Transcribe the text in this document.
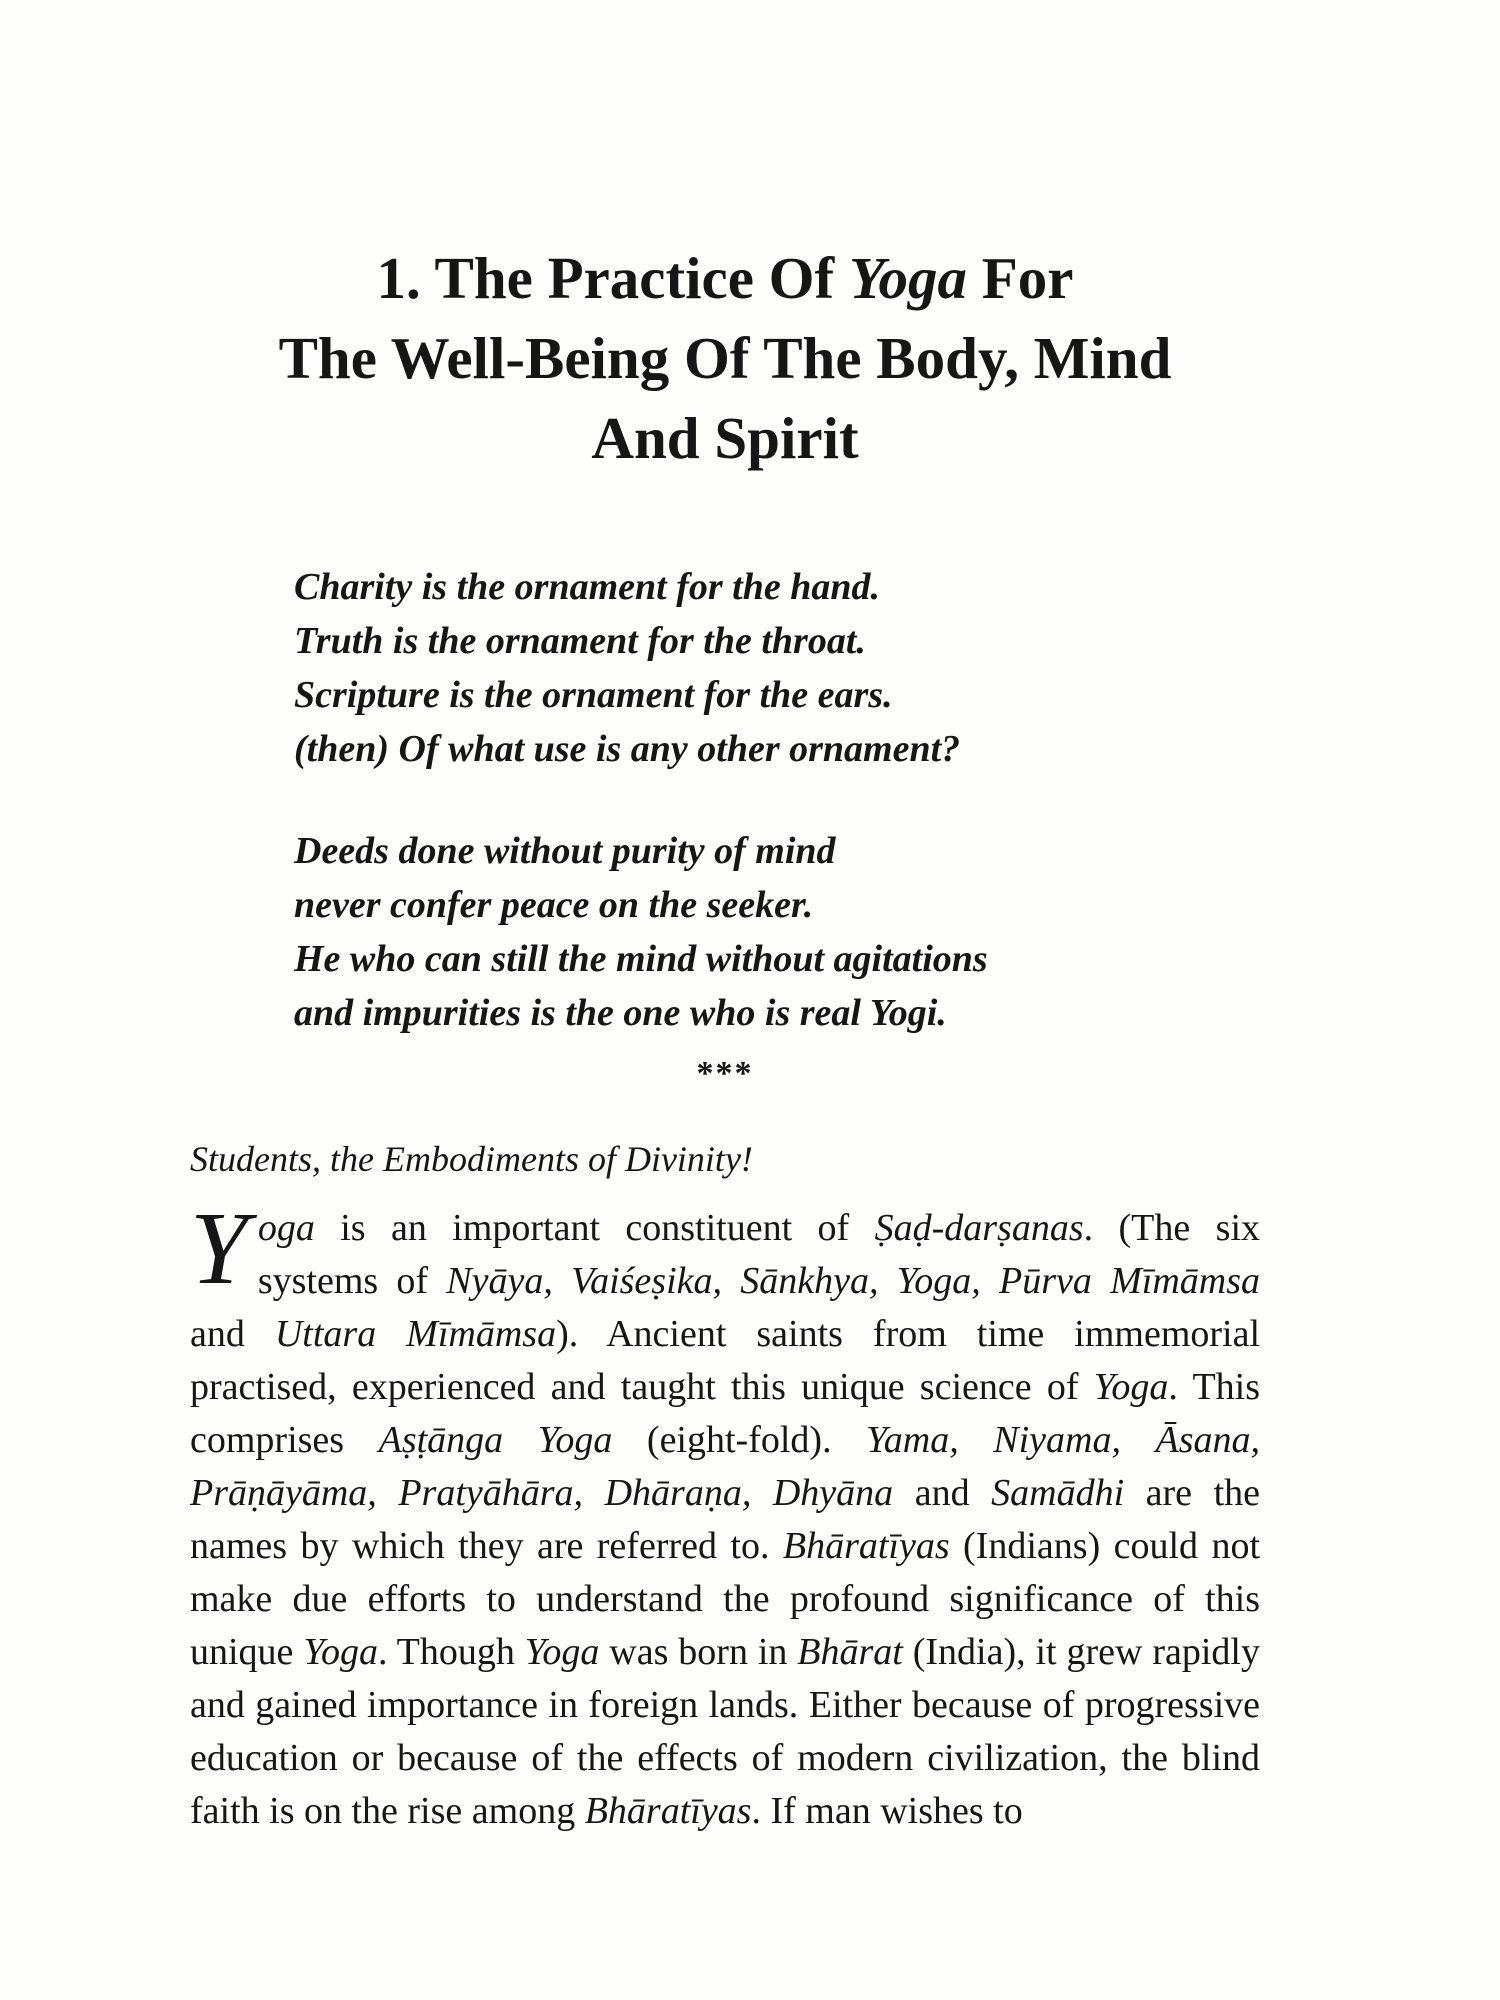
1. The Practice Of Yoga For
The Well-Being Of The Body, Mind
And Spirit
Charity is the ornament for the hand.
Truth is the ornament for the throat.
Scripture is the ornament for the ears.
(then) Of what use is any other ornament?
Deeds done without purity of mind
never confer peace on the seeker.
He who can still the mind without agitations
and impurities is the one who is real Yogi.
***
Students, the Embodiments of Divinity!

Yoga is an important constituent of Ṣaḍ-darṣanas. (The six systems of Nyāya, Vaiśeṣika, Sānkhya, Yoga, Pūrva Mīmāmsa and Uttara Mīmāmsa). Ancient saints from time immemorial practised, experienced and taught this unique science of Yoga. This comprises Aṣṭānga Yoga (eight-fold). Yama, Niyama, Āsana, Prāṇāyāma, Pratyāhāra, Dhāraṇa, Dhyāna and Samādhi are the names by which they are referred to. Bhāratīyas (Indians) could not make due efforts to understand the profound significance of this unique Yoga. Though Yoga was born in Bhārat (India), it grew rapidly and gained importance in foreign lands. Either because of progressive education or because of the effects of modern civilization, the blind faith is on the rise among Bhāratīyas. If man wishes to
